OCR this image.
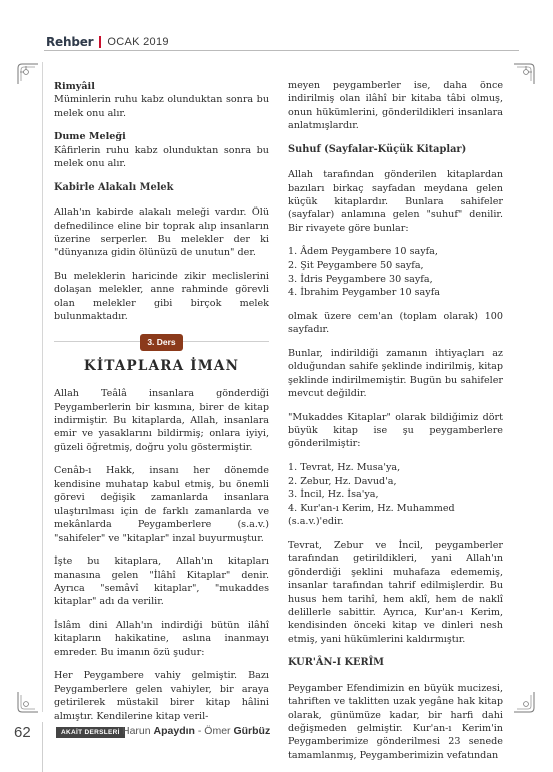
Rehber OCAK 2019

Rimyâil
Müminlerin ruhu kabz olunduktan sonra bu melek onu alır.

Dume Meleği
Kâfirlerin ruhu kabz olunduktan sonra bu melek onu alır.

Kabirle Alakalı Melek

Allah'ın kabirde alakalı meleği vardır. Ölü defnedilince eline bir toprak alıp insanların üzerine serperler. Bu melekler der ki "dünyanıza gidin ölünüzü de unutun" der.

Bu meleklerin haricinde zikir meclislerini dolaşan melekler, anne rahminde görevli olan melekler gibi birçok melek bulunmaktadır.

3. Ders
KİTAPLARA İMAN

Allah Teâlâ insanlara gönderdiği Peygamberlerin bir kısmına, birer de kitap indirmiştir. Bu kitaplarda, Allah, insanlara emir ve yasaklarını bildirmiş; onlara iyiyi, güzeli öğretmiş, doğru yolu göstermiştir.

Cenâb-ı Hakk, insanı her dönemde kendisine muhatap kabul etmiş, bu önemli görevi değişik zamanlarda insanlara ulaştırılması için de farklı zamanlarda ve mekânlarda Peygamberlere (s.a.v.) "sahifeler" ve "kitaplar" inzal buyurmuştur.

İşte bu kitaplara, Allah'ın kitapları manasına gelen "İlâhî Kitaplar" denir. Ayrıca "semâvî kitaplar", "mukaddes kitaplar" adı da verilir.

İslâm dini Allah'ın indirdiği bütün ilâhî kitapların hakikatine, aslına inanmayı emreder. Bu imanın özü şudur:

Her Peygambere vahiy gelmiştir. Bazı Peygamberlere gelen vahiyler, bir araya getirilerek müstakil birer kitap hâlini almıştır. Kendilerine kitap veril-

meyen peygamberler ise, daha önce indirilmiş olan ilâhî bir kitaba tâbi olmuş, onun hükümlerini, gönderildikleri insanlara anlatmışlardır.

Suhuf (Sayfalar-Küçük Kitaplar)

Allah tarafından gönderilen kitaplardan bazıları birkaç sayfadan meydana gelen küçük kitaplardır. Bunlara sahifeler (sayfalar) anlamına gelen "suhuf" denilir. Bir rivayete göre bunlar:

1. Âdem Peygambere 10 sayfa,
2. Şit Peygambere 50 sayfa,
3. İdris Peygambere 30 sayfa,
4. İbrahim Peygamber 10 sayfa

olmak üzere cem'an (toplam olarak) 100 sayfadır.

Bunlar, indirildiği zamanın ihtiyaçları az olduğundan sahife şeklinde indirilmiş, kitap şeklinde indirilmemiştir. Bugün bu sahifeler mevcut değildir.

"Mukaddes Kitaplar" olarak bildiğimiz dört büyük kitap ise şu peygamberlere gönderilmiştir:

1. Tevrat, Hz. Musa'ya,
2. Zebur, Hz. Davud'a,
3. İncil, Hz. İsa'ya,
4. Kur'an-ı Kerim, Hz. Muhammed (s.a.v.)'edir.

Tevrat, Zebur ve İncil, peygamberler tarafından getirildikleri, yani Allah'ın gönderdiği şeklini muhafaza edememiş, insanlar tarafından tahrif edilmişlerdir. Bu husus hem tarihî, hem aklî, hem de naklî delillerle sabittir. Ayrıca, Kur'an-ı Kerim, kendisinden önceki kitap ve dinleri nesh etmiş, yani hükümlerini kaldırmıştır.

KUR'ÂN-I KERÎM

Peygamber Efendimizin en büyük mucizesi, tahriften ve taklitten uzak yegâne hak kitap olarak, günümüze kadar, bir harfi dahi değişmeden gelmiştir. Kur'an-ı Kerim'in Peygamberimize gönderilmesi 23 senede tamamlanmış, Peygamberimizin vefatından

62	AKAİT DERSLERİ Harun Apaydın - Ömer Gürbüz
